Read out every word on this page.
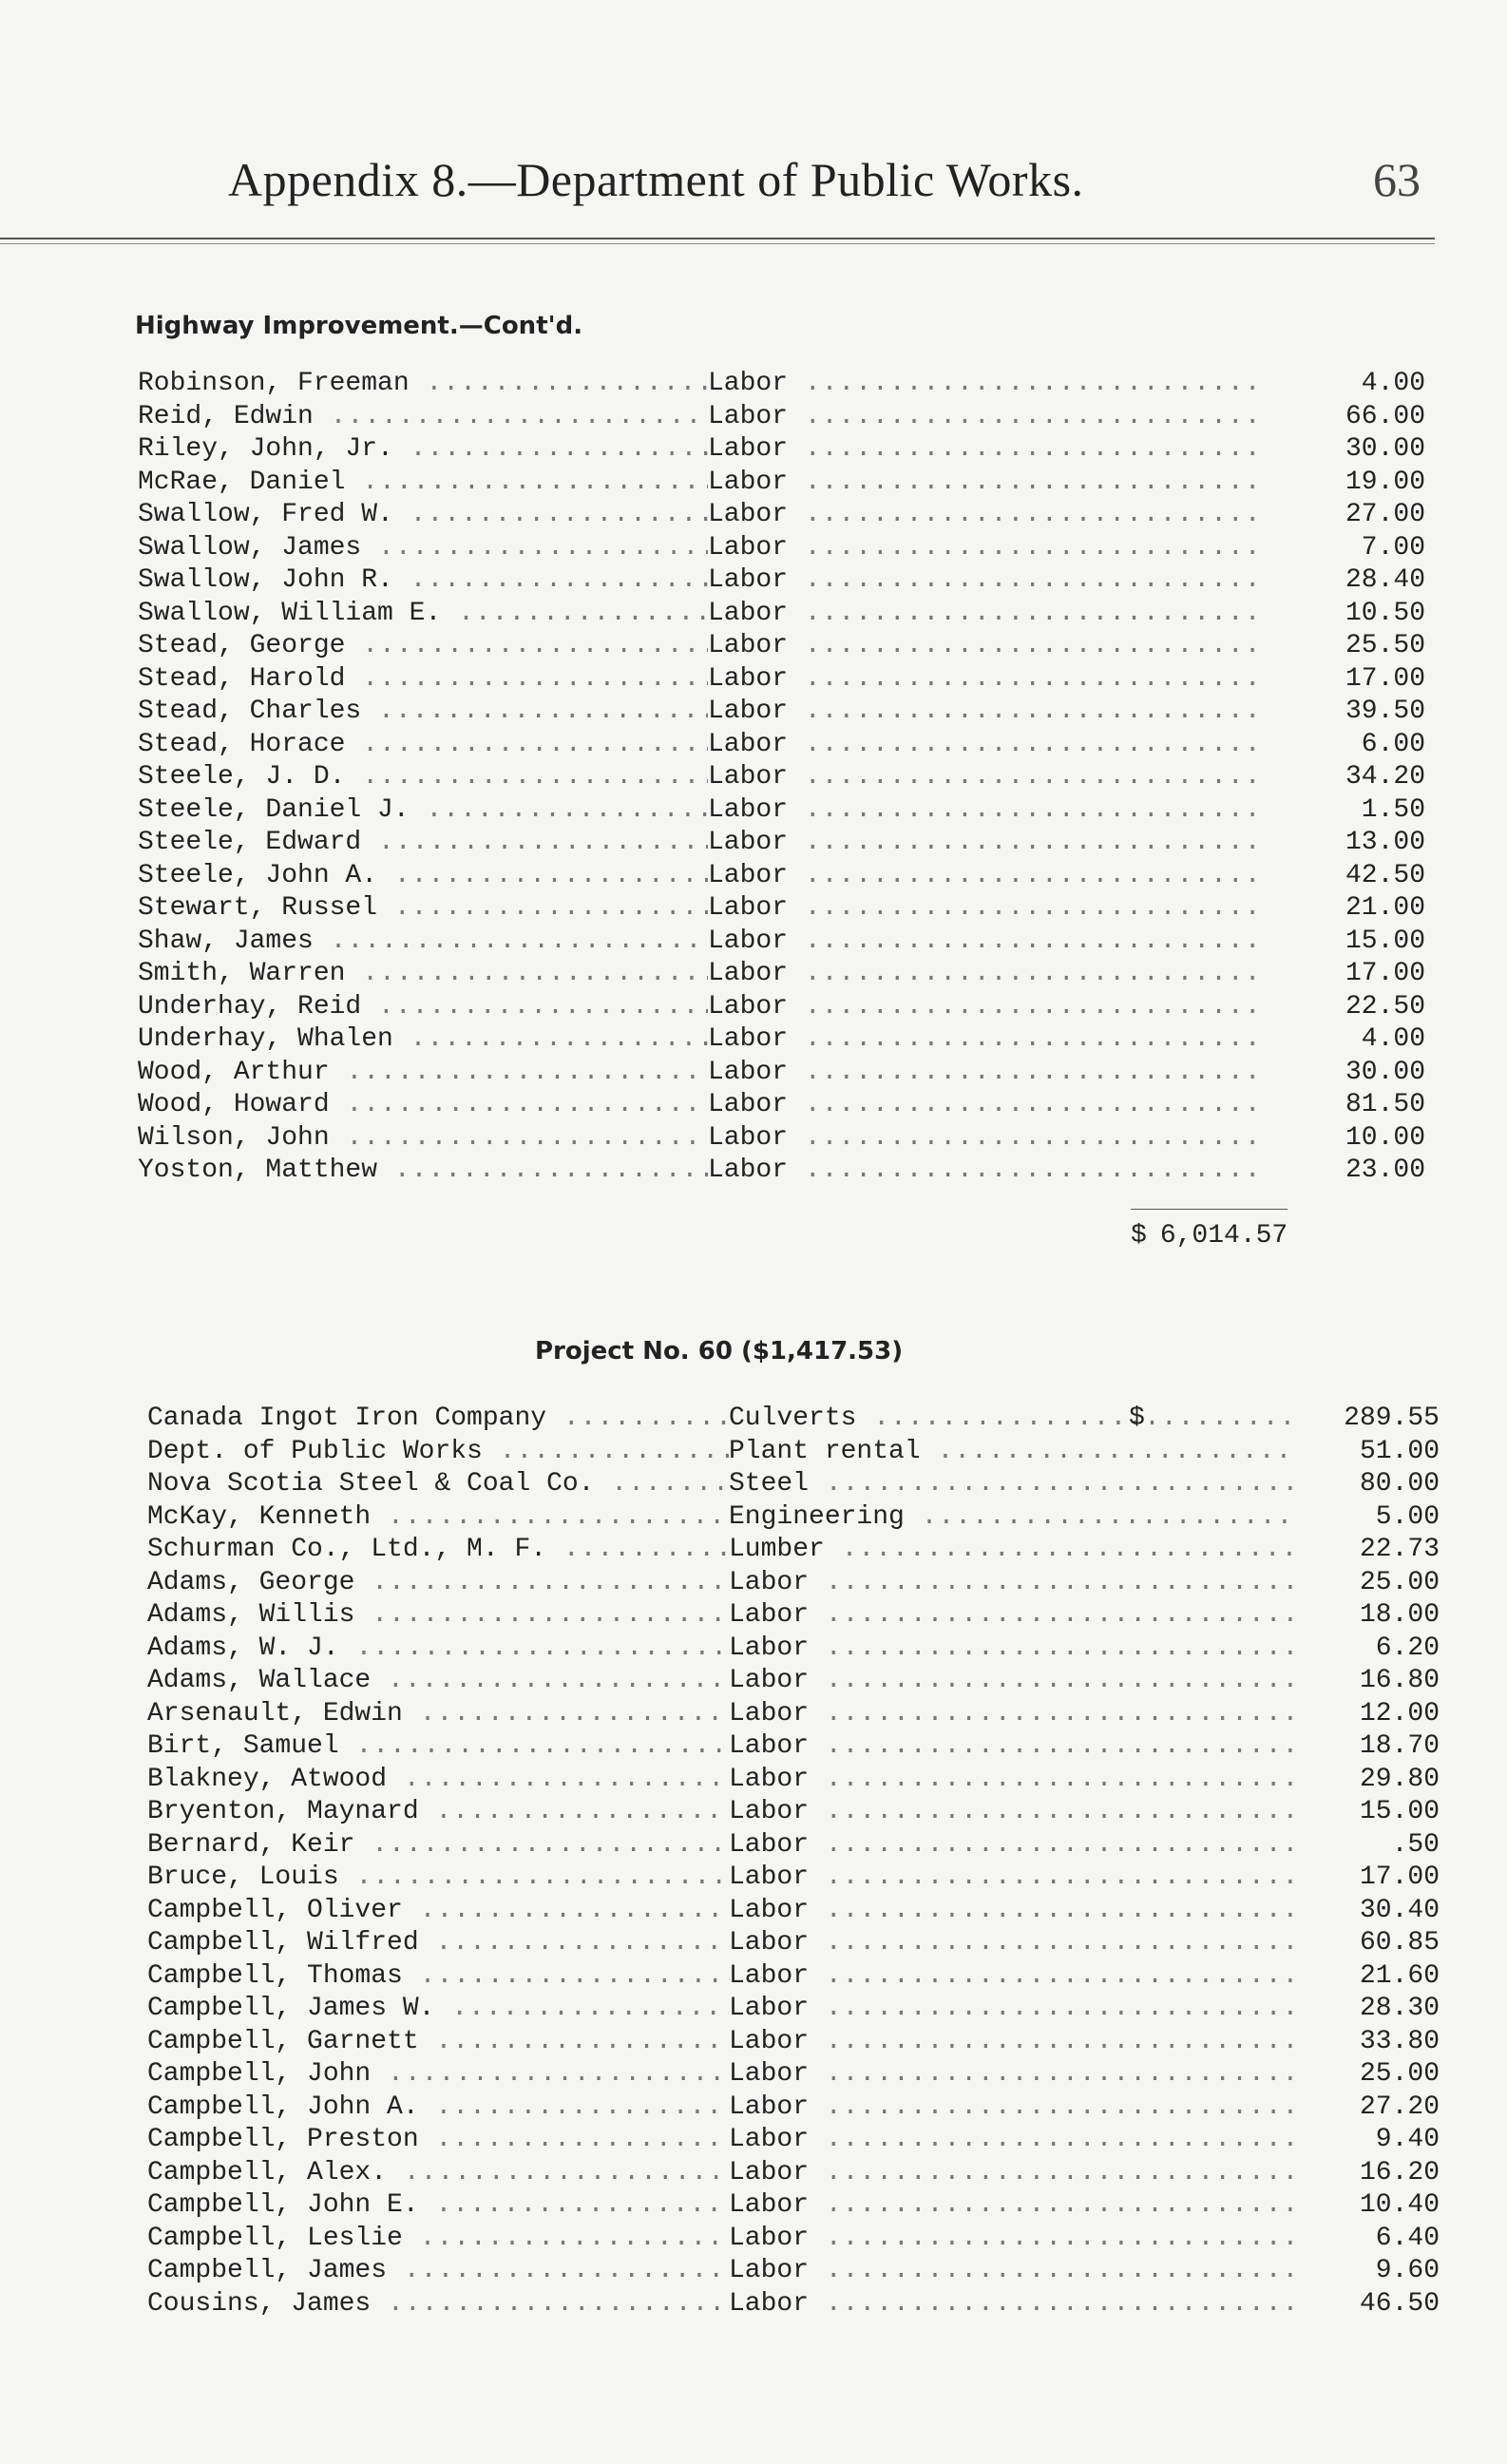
Appendix 8.—Department of Public Works.	63
Highway Improvement.—Cont'd.
Robinson, Freeman .....	Labor .....	4.00
Reid, Edwin .....	Labor .....	66.00
Riley, John, Jr. .....	Labor .....	30.00
McRae, Daniel .....	Labor .....	19.00
Swallow, Fred W. .....	Labor .....	27.00
Swallow, James .....	Labor .....	7.00
Swallow, John R. .....	Labor .....	28.40
Swallow, William E. .....	Labor .....	10.50
Stead, George .....	Labor .....	25.50
Stead, Harold .....	Labor .....	17.00
Stead, Charles .....	Labor .....	39.50
Stead, Horace .....	Labor .....	6.00
Steele, J. D. .....	Labor .....	34.20
Steele, Daniel J. .....	Labor .....	1.50
Steele, Edward .....	Labor .....	13.00
Steele, John A. .....	Labor .....	42.50
Stewart, Russel .....	Labor .....	21.00
Shaw, James .....	Labor .....	15.00
Smith, Warren .....	Labor .....	17.00
Underhay, Reid .....	Labor .....	22.50
Underhay, Whalen .....	Labor .....	4.00
Wood, Arthur .....	Labor .....	30.00
Wood, Howard .....	Labor .....	81.50
Wilson, John .....	Labor .....	10.00
Yoston, Matthew .....	Labor .....	23.00
$ 6,014.57
Project No. 60 ($1,417.53)
Canada Ingot Iron Company .....	Culverts .....	289.55
Dept. of Public Works .....	Plant rental .....	51.00
Nova Scotia Steel & Coal Co. .....	Steel .....	80.00
McKay, Kenneth .....	Engineering .....	5.00
Schurman Co., Ltd., M. F. .....	Lumber .....	22.73
Adams, George .....	Labor .....	25.00
Adams, Willis .....	Labor .....	18.00
Adams, W. J. .....	Labor .....	6.20
Adams, Wallace .....	Labor .....	16.80
Arsenault, Edwin .....	Labor .....	12.00
Birt, Samuel .....	Labor .....	18.70
Blakney, Atwood .....	Labor .....	29.80
Bryenton, Maynard .....	Labor .....	15.00
Bernard, Keir .....	Labor .....	.50
Bruce, Louis .....	Labor .....	17.00
Campbell, Oliver .....	Labor .....	30.40
Campbell, Wilfred .....	Labor .....	60.85
Campbell, Thomas .....	Labor .....	21.60
Campbell, James W. .....	Labor .....	28.30
Campbell, Garnett .....	Labor .....	33.80
Campbell, John .....	Labor .....	25.00
Campbell, John A. .....	Labor .....	27.20
Campbell, Preston .....	Labor .....	9.40
Campbell, Alex. .....	Labor .....	16.20
Campbell, John E. .....	Labor .....	10.40
Campbell, Leslie .....	Labor .....	6.40
Campbell, James .....	Labor .....	9.60
Cousins, James .....	Labor .....	46.50
$
